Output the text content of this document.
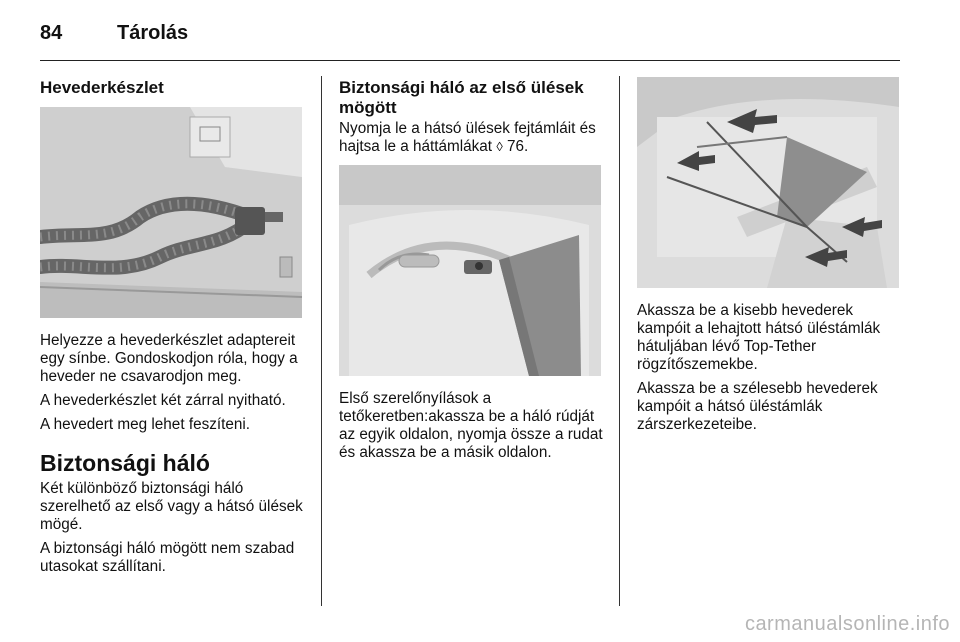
84	Tárolás
Hevederkészlet

Helyezze a hevederkészlet adaptereit egy sínbe. Gondoskodjon róla, hogy a heveder ne csavarodjon meg.

A hevederkészlet két zárral nyitható.

A hevedert meg lehet feszíteni.

Biztonsági háló

Két különböző biztonsági háló szerelhető az első vagy a hátsó ülések mögé.

A biztonsági háló mögött nem szabad utasokat szállítani.

Biztonsági háló az első ülések mögött

Nyomja le a hátsó ülések fejtámláit és hajtsa le a háttámlákat ◊ 76.

Első szerelőnyílások a tetőkeretben:akassza be a háló rúdját az egyik oldalon, nyomja össze a rudat és akassza be a másik oldalon.

Akassza be a kisebb hevederek kampóit a lehajtott hátsó üléstámlák hátuljában lévő Top-Tether rögzítőszemekbe.

Akassza be a szélesebb hevederek kampóit a hátsó üléstámlák zárszerkezeteibe.

carmanualsonline.info
